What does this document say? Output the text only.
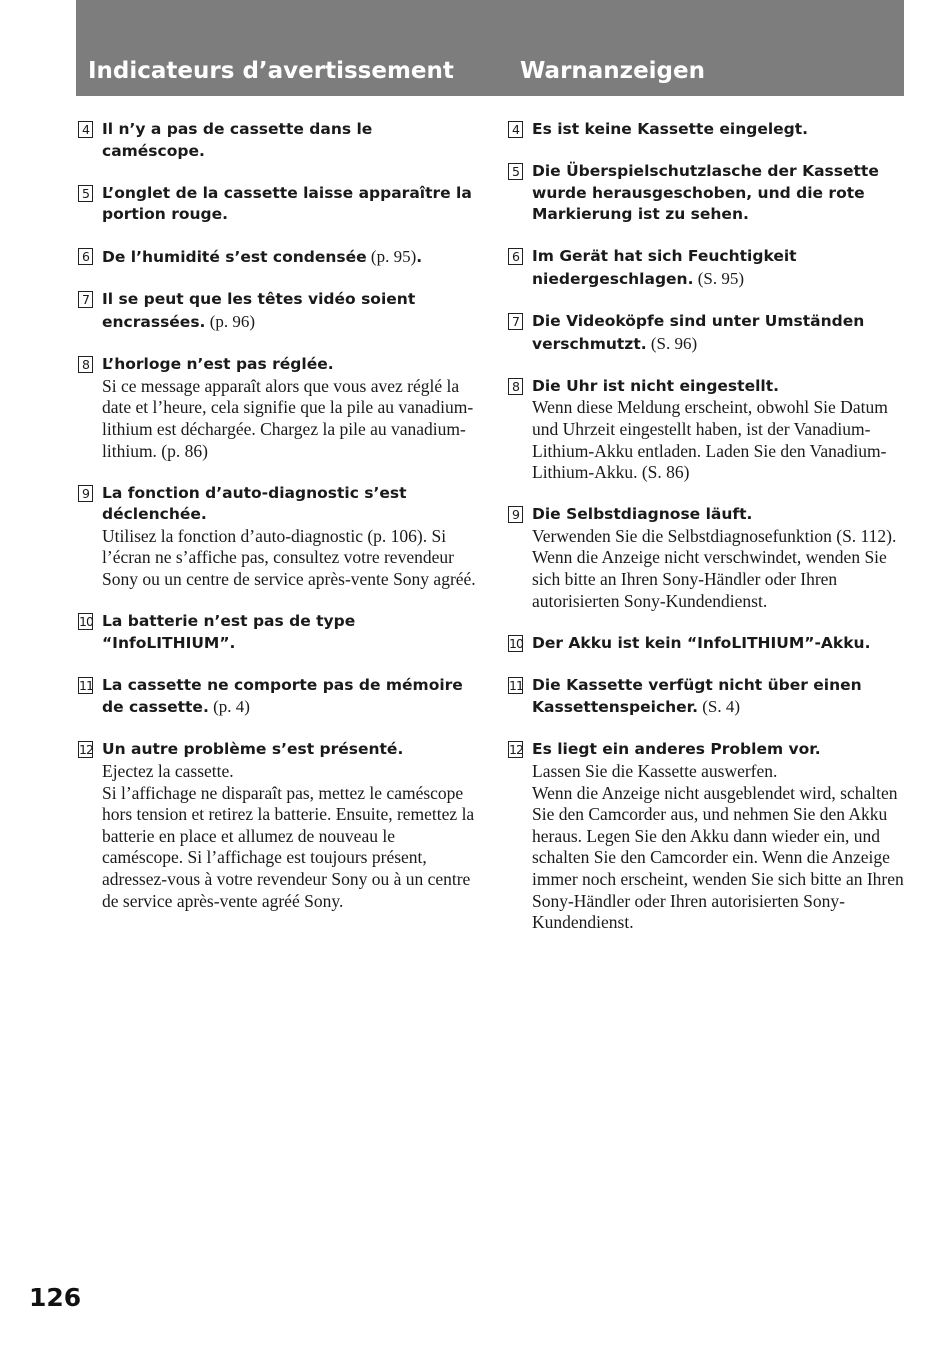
Indicateurs d’avertissement	Warnanzeigen
4 Il n’y a pas de cassette dans le caméscope.
5 L’onglet de la cassette laisse apparaître la portion rouge.
6 De l’humidité s’est condensée (p. 95).
7 Il se peut que les têtes vidéo soient encrassées. (p. 96)
8 L’horloge n’est pas réglée.
Si ce message apparaît alors que vous avez réglé la date et l’heure, cela signifie que la pile au vanadium-lithium est déchargée. Chargez la pile au vanadium-lithium. (p. 86)
9 La fonction d’auto-diagnostic s’est déclenchée.
Utilisez la fonction d’auto-diagnostic (p. 106). Si l’écran ne s’affiche pas, consultez votre revendeur Sony ou un centre de service après-vente Sony agréé.
10 La batterie n’est pas de type “InfoLITHIUM”.
11 La cassette ne comporte pas de mémoire de cassette. (p. 4)
12 Un autre problème s’est présenté.
Ejectez la cassette.
Si l’affichage ne disparaît pas, mettez le caméscope hors tension et retirez la batterie. Ensuite, remettez la batterie en place et allumez de nouveau le caméscope. Si l’affichage est toujours présent, adressez-vous à votre revendeur Sony ou à un centre de service après-vente agréé Sony.
4 Es ist keine Kassette eingelegt.
5 Die Überspielschutzlasche der Kassette wurde herausgeschoben, und die rote Markierung ist zu sehen.
6 Im Gerät hat sich Feuchtigkeit niedergeschlagen. (S. 95)
7 Die Videoköpfe sind unter Umständen verschmutzt. (S. 96)
8 Die Uhr ist nicht eingestellt.
Wenn diese Meldung erscheint, obwohl Sie Datum und Uhrzeit eingestellt haben, ist der Vanadium-Lithium-Akku entladen. Laden Sie den Vanadium-Lithium-Akku. (S. 86)
9 Die Selbstdiagnose läuft.
Verwenden Sie die Selbstdiagnosefunktion (S. 112). Wenn die Anzeige nicht verschwindet, wenden Sie sich bitte an Ihren Sony-Händler oder Ihren autorisierten Sony-Kundendienst.
10 Der Akku ist kein “InfoLITHIUM”-Akku.
11 Die Kassette verfügt nicht über einen Kassettenspeicher. (S. 4)
12 Es liegt ein anderes Problem vor.
Lassen Sie die Kassette auswerfen.
Wenn die Anzeige nicht ausgeblendet wird, schalten Sie den Camcorder aus, und nehmen Sie den Akku heraus. Legen Sie den Akku dann wieder ein, und schalten Sie den Camcorder ein. Wenn die Anzeige immer noch erscheint, wenden Sie sich bitte an Ihren Sony-Händler oder Ihren autorisierten Sony-Kundendienst.
126
